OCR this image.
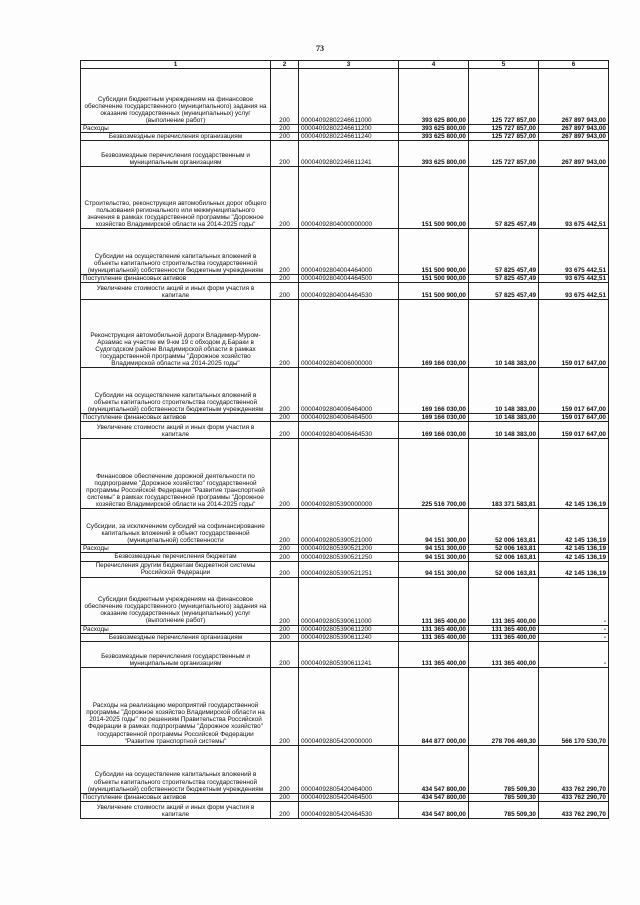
73
1	2	3	4	5	6
Субсидии бюджетным учреждениям на финансовое обеспечение государственного (муниципального) задания на оказание государственных (муниципальных) услуг (выполнение работ)	200	00004092802246611000	393 625 800,00	125 727 857,00	267 897 943,00
Расходы	200	00004092802246611200	393 625 800,00	125 727 857,00	267 897 943,00
Безвозмездные перечисления организациям	200	00004092802246611240	393 625 800,00	125 727 857,00	267 897 943,00
Безвозмездные перечисления государственным и муниципальным организациям	200	00004092802246611241	393 625 800,00	125 727 857,00	267 897 943,00
Строительство, реконструкция автомобильных дорог общего пользования регионального или межмуниципального значения в рамках государственной программы "Дорожное хозяйство Владимирской области на 2014-2025 годы"	200	00004092804000000000	151 500 900,00	57 825 457,49	93 675 442,51
Субсидии на осуществление капитальных вложений в объекты капитального строительства государственной (муниципальной) собственности бюджетным учреждениям	200	00004092804004464000	151 500 900,00	57 825 457,49	93 675 442,51
Поступление финансовых активов	200	00004092804004464500	151 500 900,00	57 825 457,49	93 675 442,51
Увеличение стоимости акций и иных форм участия в капитале	200	00004092804004464530	151 500 900,00	57 825 457,49	93 675 442,51
Реконструкция автомобильной дороги Владимир-Муром-Арзамас на участке км 9-км 19 с обходом д.Бараки в Судогодском районе Владимирской области в рамках государственной программы "Дорожное хозяйство Владимирской области на 2014-2025 годы"	200	00004092804006000000	169 166 030,00	10 148 383,00	159 017 647,00
Субсидии на осуществление капитальных вложений в объекты капитального строительства государственной (муниципальной) собственности бюджетным учреждениям	200	00004092804006464000	169 166 030,00	10 148 383,00	159 017 647,00
Поступление финансовых активов	200	00004092804006464500	169 166 030,00	10 148 383,00	159 017 647,00
Увеличение стоимости акций и иных форм участия в капитале	200	00004092804006464530	169 166 030,00	10 148 383,00	159 017 647,00
Финансовое обеспечение дорожной деятельности по подпрограмме "Дорожное хозяйство" государственной программы Российской Федерации "Развитие транспортной системы" в рамках государственной программы "Дорожное хозяйство Владимирской области на 2014-2025 годы"	200	00004092805390000000	225 516 700,00	183 371 583,81	42 145 136,19
Субсидии, за исключением субсидий на софинансирование капитальных вложений в объект государственной (муниципальной) собственности	200	00004092805390521000	94 151 300,00	52 006 163,81	42 145 136,19
Расходы	200	00004092805390521200	94 151 300,00	52 006 163,81	42 145 136,19
Безвозмездные перечисления бюджетам	200	00004092805390521250	94 151 300,00	52 006 163,81	42 145 136,19
Перечисления другим бюджетам бюджетной системы Российской Федерации	200	00004092805390521251	94 151 300,00	52 006 163,81	42 145 136,19
Субсидии бюджетным учреждениям на финансовое обеспечение государственного (муниципального) задания на оказание государственных (муниципальных) услуг (выполнение работ)	200	00004092805390611000	131 365 400,00	131 365 400,00	-
Расходы	200	00004092805390611200	131 365 400,00	131 365 400,00	-
Безвозмездные перечисления организациям	200	00004092805390611240	131 365 400,00	131 365 400,00	-
Безвозмездные перечисления государственным и муниципальным организациям	200	00004092805390611241	131 365 400,00	131 365 400,00	-
Расходы на реализацию мероприятий государственной программы "Дорожное хозяйство Владимирской области на 2014-2025 годы" по решениям Правительства Российской Федерации в рамках подпрограммы "Дорожное хозяйство" государственной программы Российской Федерации "Развитие транспортной системы"	200	00004092805420000000	844 877 000,00	278 706 469,30	566 170 530,70
Субсидии на осуществление капитальных вложений в объекты капитального строительства государственной (муниципальной) собственности бюджетным учреждениям	200	00004092805420464000	434 547 800,00	785 509,30	433 762 290,70
Поступление финансовых активов	200	00004092805420464500	434 547 800,00	785 509,30	433 762 290,70
Увеличение стоимости акций и иных форм участия в капитале	200	00004092805420464530	434 547 800,00	785 509,30	433 762 290,70
